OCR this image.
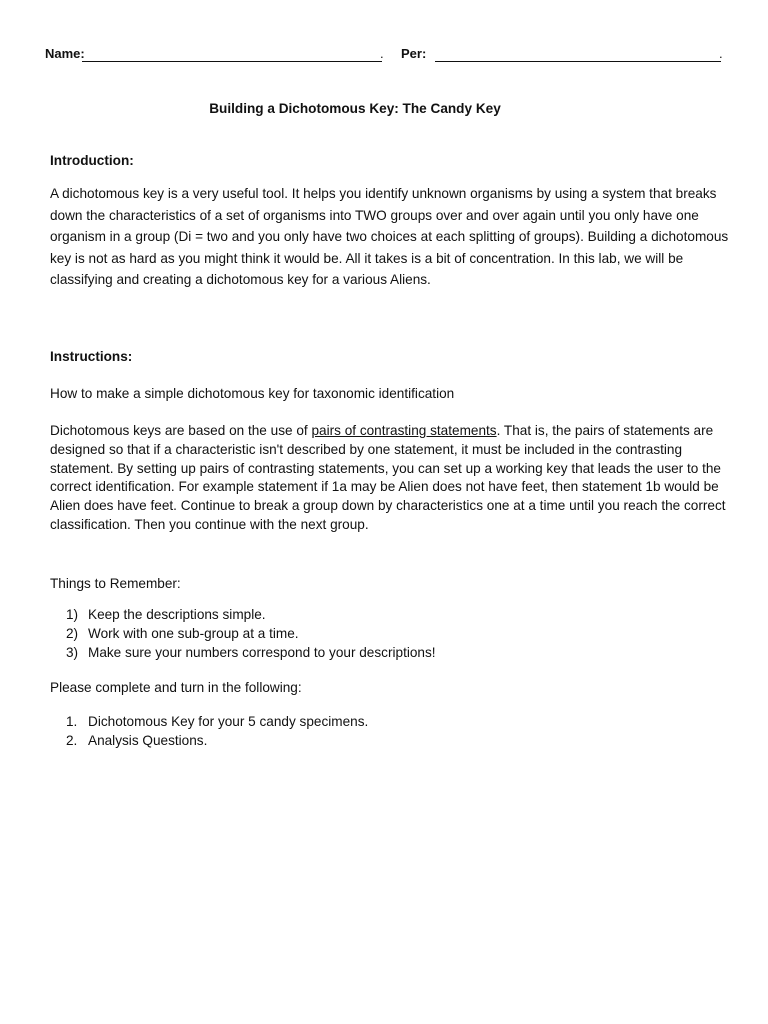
Name:	. Per:	.
Building a Dichotomous Key: The Candy Key
Introduction:
A dichotomous key is a very useful tool. It helps you identify unknown organisms by using a system that breaks down the characteristics of a set of organisms into TWO groups over and over again until you only have one organism in a group (Di = two and you only have two choices at each splitting of groups). Building a dichotomous key is not as hard as you might think it would be. All it takes is a bit of concentration. In this lab, we will be classifying and creating a dichotomous key for a various Aliens.
Instructions:
How to make a simple dichotomous key for taxonomic identification
Dichotomous keys are based on the use of pairs of contrasting statements. That is, the pairs of statements are designed so that if a characteristic isn't described by one statement, it must be included in the contrasting statement. By setting up pairs of contrasting statements, you can set up a working key that leads the user to the correct identification. For example statement if 1a may be Alien does not have feet, then statement 1b would be Alien does have feet. Continue to break a group down by characteristics one at a time until you reach the correct classification. Then you continue with the next group.
Things to Remember:
1) Keep the descriptions simple.
2) Work with one sub-group at a time.
3) Make sure your numbers correspond to your descriptions!
Please complete and turn in the following:
1. Dichotomous Key for your 5 candy specimens.
2. Analysis Questions.
